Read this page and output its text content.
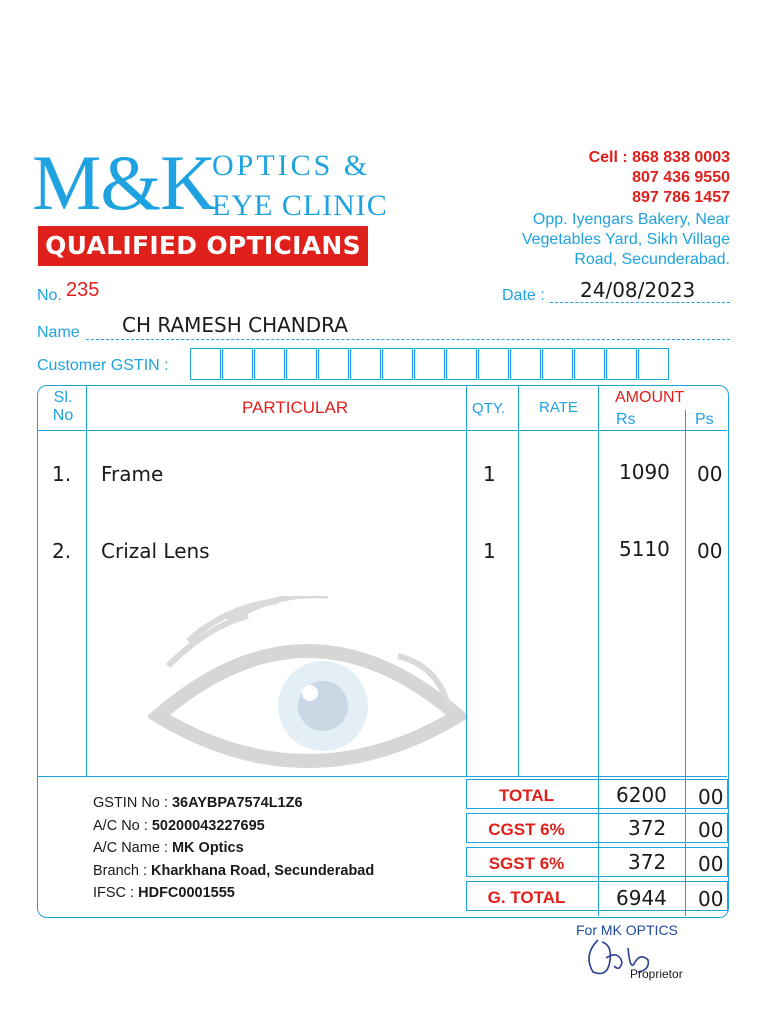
M&K
OPTICS &
EYE CLINIC
QUALIFIED OPTICIANS
Cell : 868 838 0003
807 436 9550
897 786 1457
Opp. Iyengars Bakery, Near
Vegetables Yard, Sikh Village
Road, Secunderabad.
No. 235	Date : 24/08/2023
Name CH RAMESH CHANDRA
Customer GSTIN :
Sl.
No	PARTICULAR	QTY. RATE
AMOUNT
Rs	Ps
1. Frame	1	1090 00
2. Crizal Lens	1	5110 00
GSTIN No : 36AYBPA7574L1Z6
A/C No : 50200043227695
A/C Name : MK Optics
Branch : Kharkhana Road, Secunderabad
IFSC : HDFC0001555
TOTAL	6200 00
CGST 6%	372 00
SGST 6%	372 00
G. TOTAL	6944 00
For MK OPTICS
Proprietor
